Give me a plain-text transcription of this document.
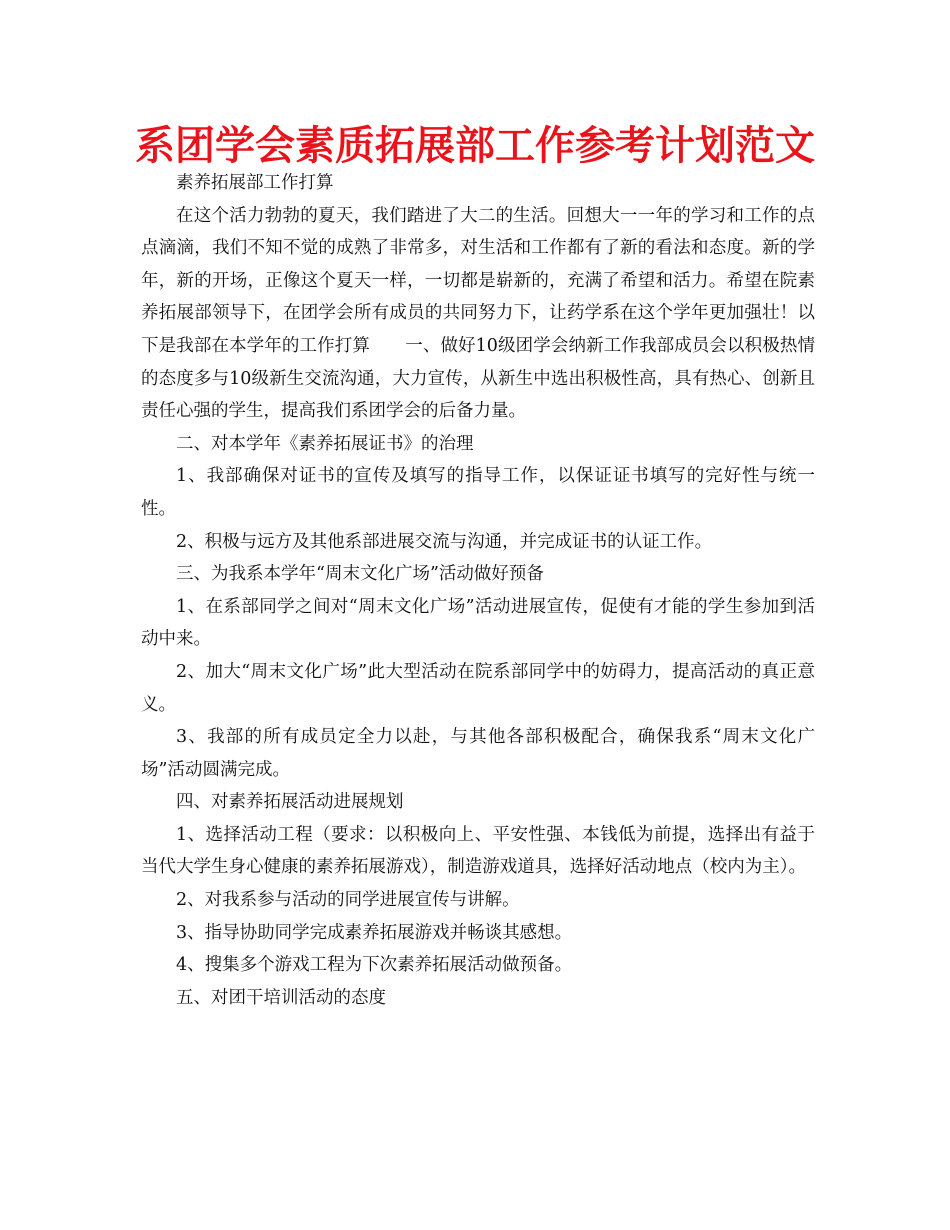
系团学会素质拓展部工作参考计划范文

素养拓展部工作打算

在这个活力勃勃的夏天，我们踏进了大二的生活。回想大一一年的学习和工作的点点滴滴，我们不知不觉的成熟了非常多，对生活和工作都有了新的看法和态度。新的学年，新的开场，正像这个夏天一样，一切都是崭新的，充满了希望和活力。希望在院素养拓展部领导下，在团学会所有成员的共同努力下，让药学系在这个学年更加强壮！以下是我部在本学年的工作打算　　一、做好10级团学会纳新工作我部成员会以积极热情的态度多与10级新生交流沟通，大力宣传，从新生中选出积极性高，具有热心、创新且责任心强的学生，提高我们系团学会的后备力量。

二、对本学年《素养拓展证书》的治理

1、我部确保对证书的宣传及填写的指导工作，以保证证书填写的完好性与统一性。

2、积极与远方及其他系部进展交流与沟通，并完成证书的认证工作。

三、为我系本学年“周末文化广场”活动做好预备

1、在系部同学之间对“周末文化广场”活动进展宣传，促使有才能的学生参加到活动中来。

2、加大“周末文化广场”此大型活动在院系部同学中的妨碍力，提高活动的真正意义。

3、我部的所有成员定全力以赴，与其他各部积极配合，确保我系“周末文化广场”活动圆满完成。

四、对素养拓展活动进展规划

1、选择活动工程（要求：以积极向上、平安性强、本钱低为前提，选择出有益于当代大学生身心健康的素养拓展游戏），制造游戏道具，选择好活动地点（校内为主）。

2、对我系参与活动的同学进展宣传与讲解。

3、指导协助同学完成素养拓展游戏并畅谈其感想。

4、搜集多个游戏工程为下次素养拓展活动做预备。

五、对团干培训活动的态度
